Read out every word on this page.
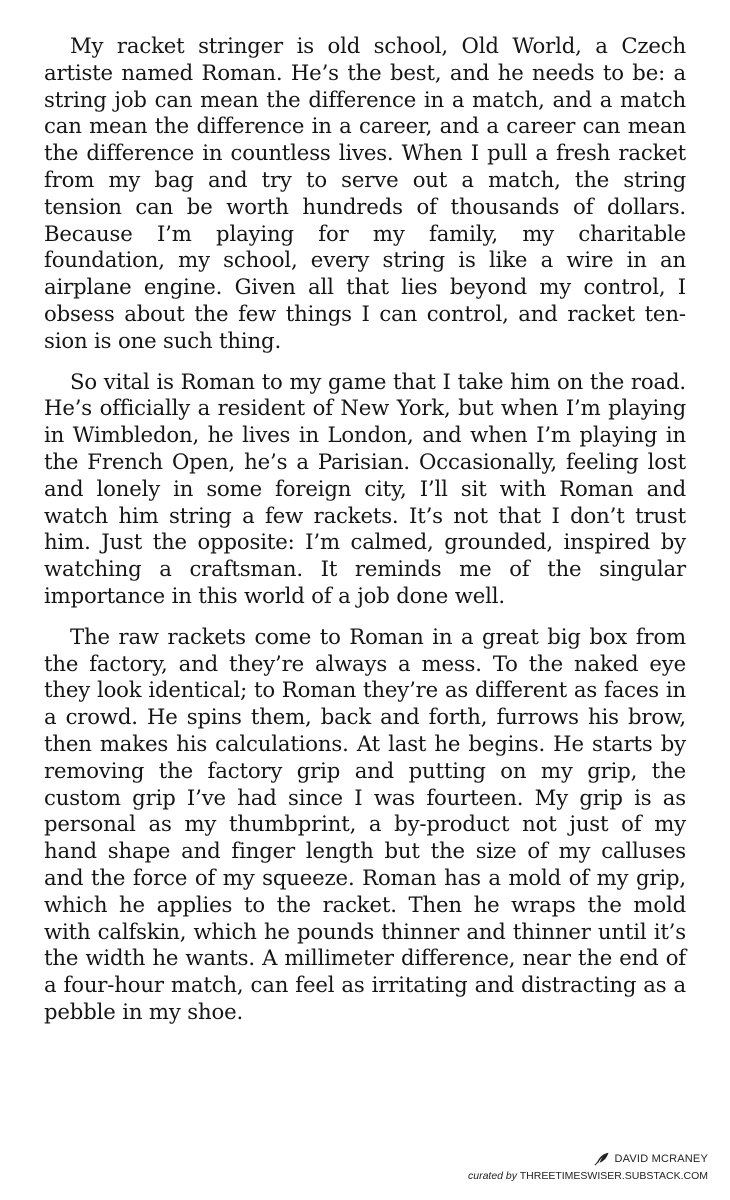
My racket stringer is old school, Old World, a Czech artiste named Roman. He’s the best, and he needs to be: a string job can mean the difference in a match, and a match can mean the difference in a career, and a career can mean the difference in countless lives. When I pull a fresh racket from my bag and try to serve out a match, the string tension can be worth hundreds of thousands of dollars. Because I’m playing for my family, my charitable foundation, my school, every string is like a wire in an airplane engine. Given all that lies beyond my control, I obsess about the few things I can control, and racket tension is one such thing.

So vital is Roman to my game that I take him on the road. He’s officially a resident of New York, but when I’m playing in Wimbledon, he lives in London, and when I’m playing in the French Open, he’s a Parisian. Occasionally, feeling lost and lonely in some foreign city, I’ll sit with Roman and watch him string a few rackets. It’s not that I don’t trust him. Just the opposite: I’m calmed, grounded, inspired by watching a craftsman. It reminds me of the singular importance in this world of a job done well.

The raw rackets come to Roman in a great big box from the factory, and they’re always a mess. To the naked eye they look identical; to Roman they’re as different as faces in a crowd. He spins them, back and forth, furrows his brow, then makes his calculations. At last he begins. He starts by removing the factory grip and putting on my grip, the custom grip I’ve had since I was fourteen. My grip is as personal as my thumbprint, a by-product not just of my hand shape and finger length but the size of my calluses and the force of my squeeze. Roman has a mold of my grip, which he applies to the racket. Then he wraps the mold with calfskin, which he pounds thinner and thinner until it’s the width he wants. A millimeter difference, near the end of a four-hour match, can feel as irritating and distracting as a pebble in my shoe.

DAVID MCRANEY
curated by THREETIMESWISER.SUBSTACK.COM
